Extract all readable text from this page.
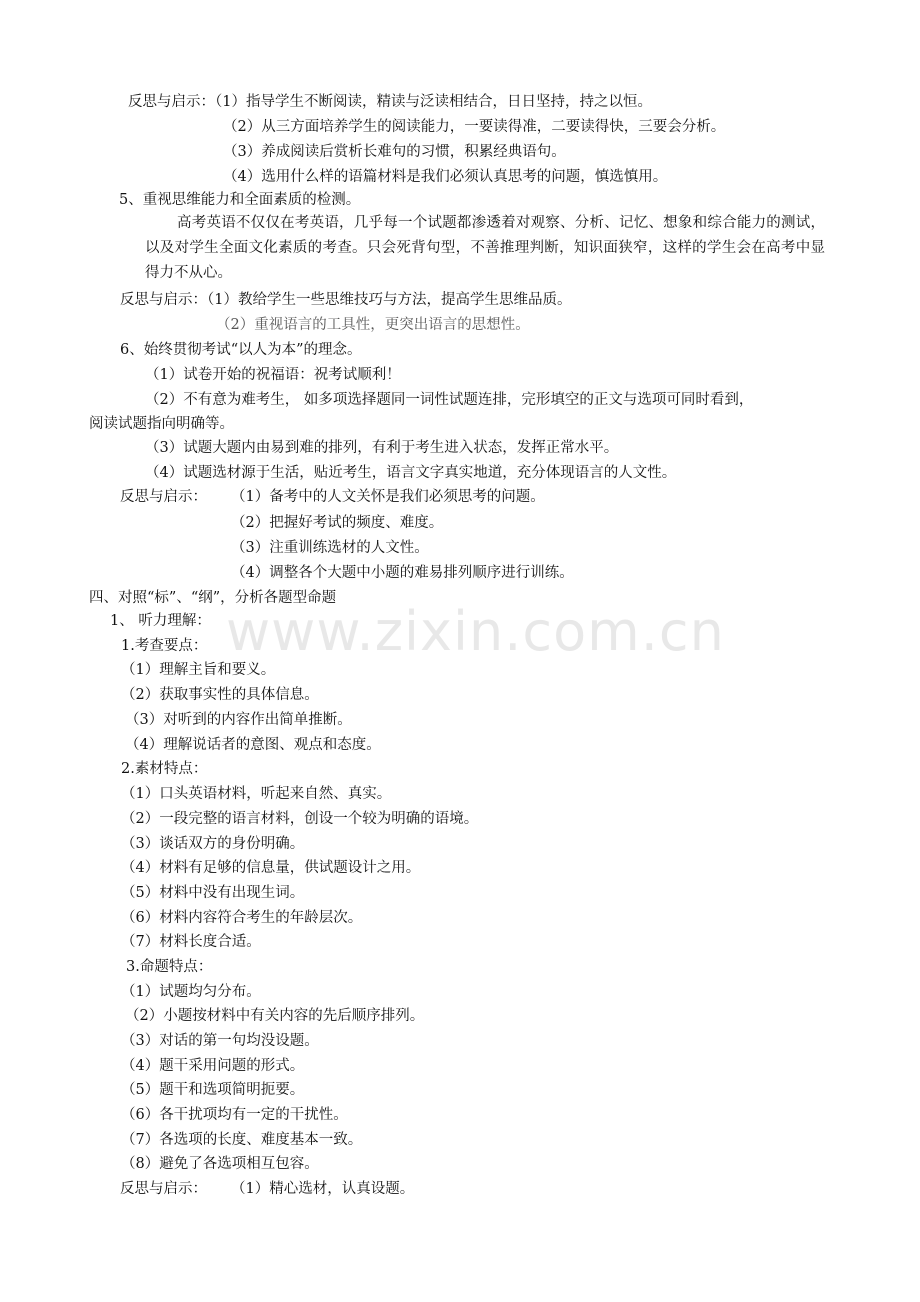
www.zixin.com.cn
反思与启示：（1）指导学生不断阅读，精读与泛读相结合，日日坚持，持之以恒。
（2）从三方面培养学生的阅读能力，一要读得准，二要读得快，三要会分析。
（3）养成阅读后赏析长难句的习惯，积累经典语句。
（4）选用什么样的语篇材料是我们必须认真思考的问题，慎选慎用。
5、重视思维能力和全面素质的检测。
高考英语不仅仅在考英语，几乎每一个试题都渗透着对观察、分析、记忆、想象和综合能力的测试，以及对学生全面文化素质的考查。只会死背句型，不善推理判断，知识面狭窄，这样的学生会在高考中显得力不从心。
反思与启示：（1）教给学生一些思维技巧与方法，提高学生思维品质。
（2）重视语言的工具性，更突出语言的思想性。
6、始终贯彻考试“以人为本”的理念。
（1）试卷开始的祝福语：祝考试顺利！
（2）不有意为难考生， 如多项选择题同一词性试题连排，完形填空的正文与选项可同时看到，
阅读试题指向明确等。
（3）试题大题内由易到难的排列，有利于考生进入状态，发挥正常水平。
（4）试题选材源于生活，贴近考生，语言文字真实地道，充分体现语言的人文性。
反思与启示： （1）备考中的人文关怀是我们必须思考的问题。
（2）把握好考试的频度、难度。
（3）注重训练选材的人文性。
（4）调整各个大题中小题的难易排列顺序进行训练。
四、对照“标”、“纲”，分析各题型命题
1、 听力理解：
1.考查要点：
（1）理解主旨和要义。
（2）获取事实性的具体信息。
（3）对听到的内容作出简单推断。
（4）理解说话者的意图、观点和态度。
2.素材特点：
（1）口头英语材料，听起来自然、真实。
（2）一段完整的语言材料，创设一个较为明确的语境。
（3）谈话双方的身份明确。
（4）材料有足够的信息量，供试题设计之用。
（5）材料中没有出现生词。
（6）材料内容符合考生的年龄层次。
（7）材料长度合适。
3.命题特点：
（1）试题均匀分布。
（2）小题按材料中有关内容的先后顺序排列。
（3）对话的第一句均没设题。
（4）题干采用问题的形式。
（5）题干和选项简明扼要。
（6）各干扰项均有一定的干扰性。
（7）各选项的长度、难度基本一致。
（8）避免了各选项相互包容。
反思与启示： （1）精心选材，认真设题。
